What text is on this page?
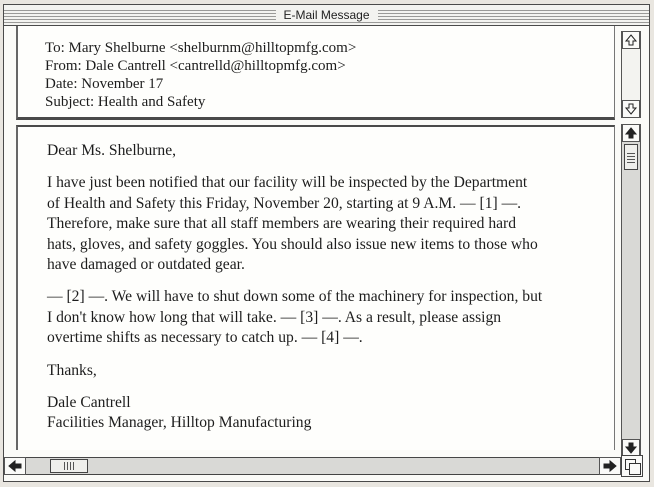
E-Mail Message
To: Mary Shelburne <shelburnm@hilltopmfg.com>
From: Dale Cantrell <cantrelld@hilltopmfg.com>
Date: November 17
Subject: Health and Safety

Dear Ms. Shelburne,

I have just been notified that our facility will be inspected by the Department
of Health and Safety this Friday, November 20, starting at 9 A.M. — [1] —.
Therefore, make sure that all staff members are wearing their required hard
hats, gloves, and safety goggles. You should also issue new items to those who
have damaged or outdated gear.

— [2] —. We will have to shut down some of the machinery for inspection, but
I don't know how long that will take. — [3] —. As a result, please assign
overtime shifts as necessary to catch up. — [4] —.

Thanks,

Dale Cantrell
Facilities Manager, Hilltop Manufacturing
